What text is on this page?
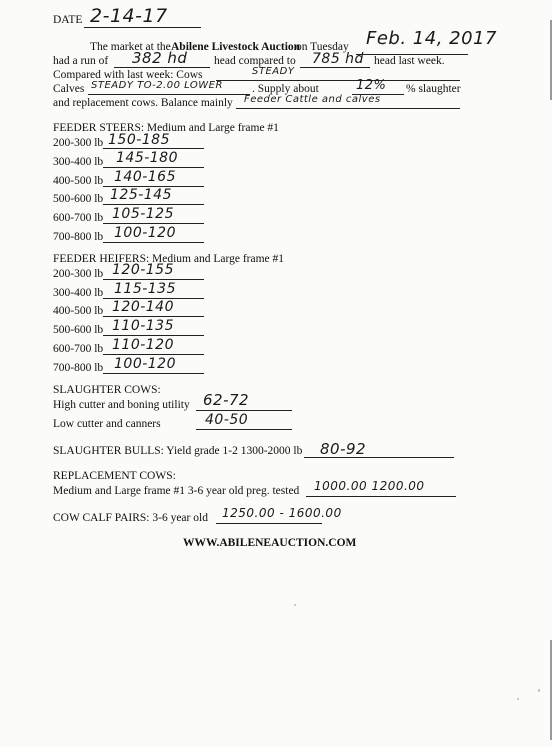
DATE 2-14-17
The market at the Abilene Livestock Auction
on Tuesday Feb. 14, 2017
had a run of 382 hd head compared to 785 hd head last week.
Compared with last week: Cows	STEADY
Calves STEADY TO-2.00 LOWER	. Supply about	12% % slaughter
and replacement cows. Balance mainly Feeder Cattle and calves
FEEDER STEERS: Medium and Large frame #1
200-300 lb 150-185
300-400 lb 145-180
400-500 lb 140-165
500-600 lb 125-145
600-700 lb 105-125
700-800 lb 100-120
FEEDER HEIFERS: Medium and Large frame #1
200-300 lb 120-155
300-400 lb 115-135
400-500 lb 120-140
500-600 lb 110-135
600-700 lb 110-120
700-800 lb 100-120
SLAUGHTER COWS:
High cutter and boning utility 62-72
Low cutter and canners	40-50
SLAUGHTER BULLS: Yield grade 1-2 1300-2000 lb 80-92
REPLACEMENT COWS:
Medium and Large frame #1 3-6 year old preg. tested 1000.00 1200.00
COW CALF PAIRS: 3-6 year old 1250.00 - 1600.00
WWW.ABILENEAUCTION.COM
